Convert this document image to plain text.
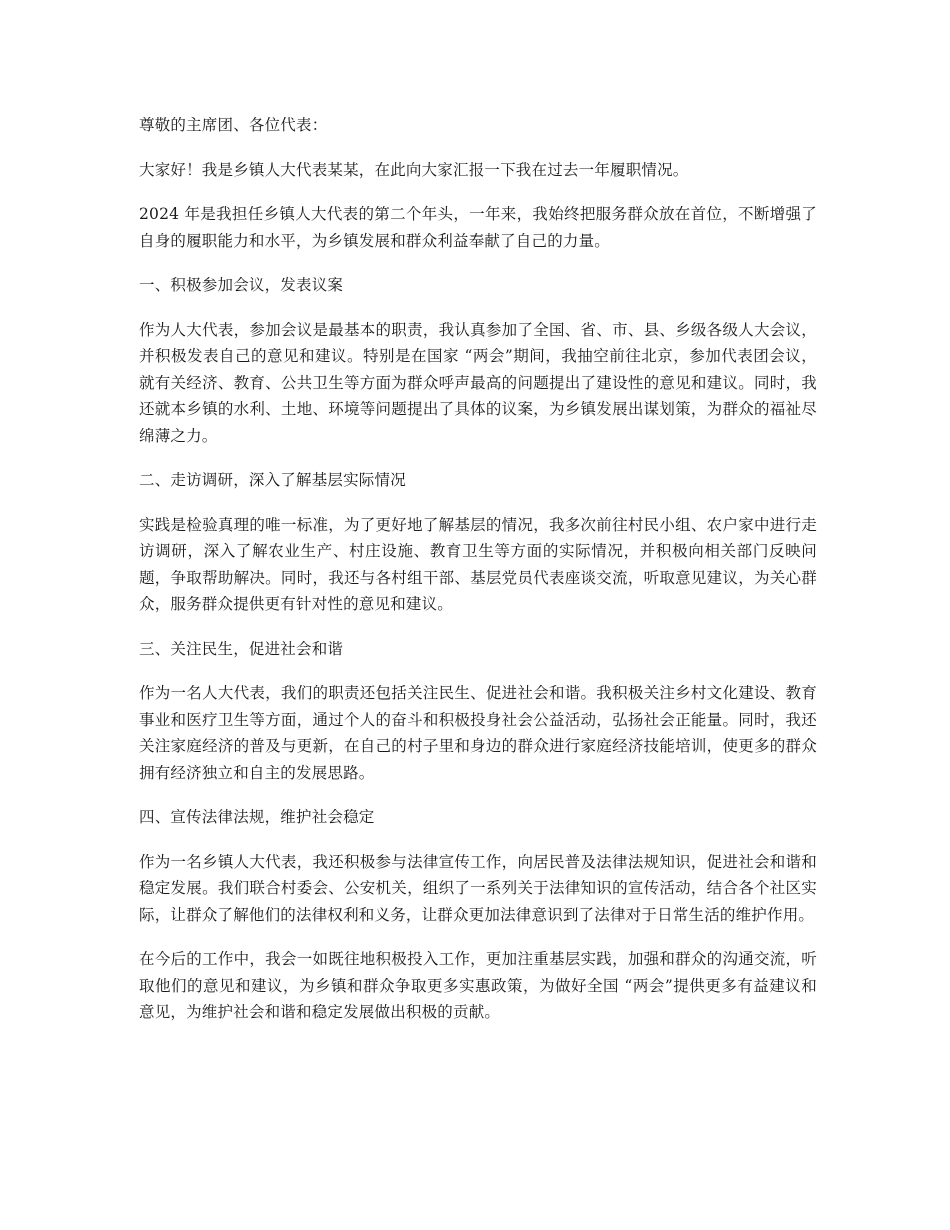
尊敬的主席团、各位代表：

大家好！我是乡镇人大代表某某，在此向大家汇报一下我在过去一年履职情况。

2024 年是我担任乡镇人大代表的第二个年头，一年来，我始终把服务群众放在首位，不断增强了自身的履职能力和水平，为乡镇发展和群众利益奉献了自己的力量。

一、积极参加会议，发表议案

作为人大代表，参加会议是最基本的职责，我认真参加了全国、省、市、县、乡级各级人大会议，并积极发表自己的意见和建议。特别是在国家 “两会”期间，我抽空前往北京，参加代表团会议，就有关经济、教育、公共卫生等方面为群众呼声最高的问题提出了建设性的意见和建议。同时，我还就本乡镇的水利、土地、环境等问题提出了具体的议案，为乡镇发展出谋划策，为群众的福祉尽绵薄之力。

二、走访调研，深入了解基层实际情况

实践是检验真理的唯一标准，为了更好地了解基层的情况，我多次前往村民小组、农户家中进行走访调研，深入了解农业生产、村庄设施、教育卫生等方面的实际情况，并积极向相关部门反映问题，争取帮助解决。同时，我还与各村组干部、基层党员代表座谈交流，听取意见建议，为关心群众，服务群众提供更有针对性的意见和建议。

三、关注民生，促进社会和谐

作为一名人大代表，我们的职责还包括关注民生、促进社会和谐。我积极关注乡村文化建设、教育事业和医疗卫生等方面，通过个人的奋斗和积极投身社会公益活动，弘扬社会正能量。同时，我还关注家庭经济的普及与更新，在自己的村子里和身边的群众进行家庭经济技能培训，使更多的群众拥有经济独立和自主的发展思路。

四、宣传法律法规，维护社会稳定

作为一名乡镇人大代表，我还积极参与法律宣传工作，向居民普及法律法规知识，促进社会和谐和稳定发展。我们联合村委会、公安机关，组织了一系列关于法律知识的宣传活动，结合各个社区实际，让群众了解他们的法律权利和义务，让群众更加法律意识到了法律对于日常生活的维护作用。

在今后的工作中，我会一如既往地积极投入工作，更加注重基层实践，加强和群众的沟通交流，听取他们的意见和建议，为乡镇和群众争取更多实惠政策，为做好全国 “两会”提供更多有益建议和意见，为维护社会和谐和稳定发展做出积极的贡献。
